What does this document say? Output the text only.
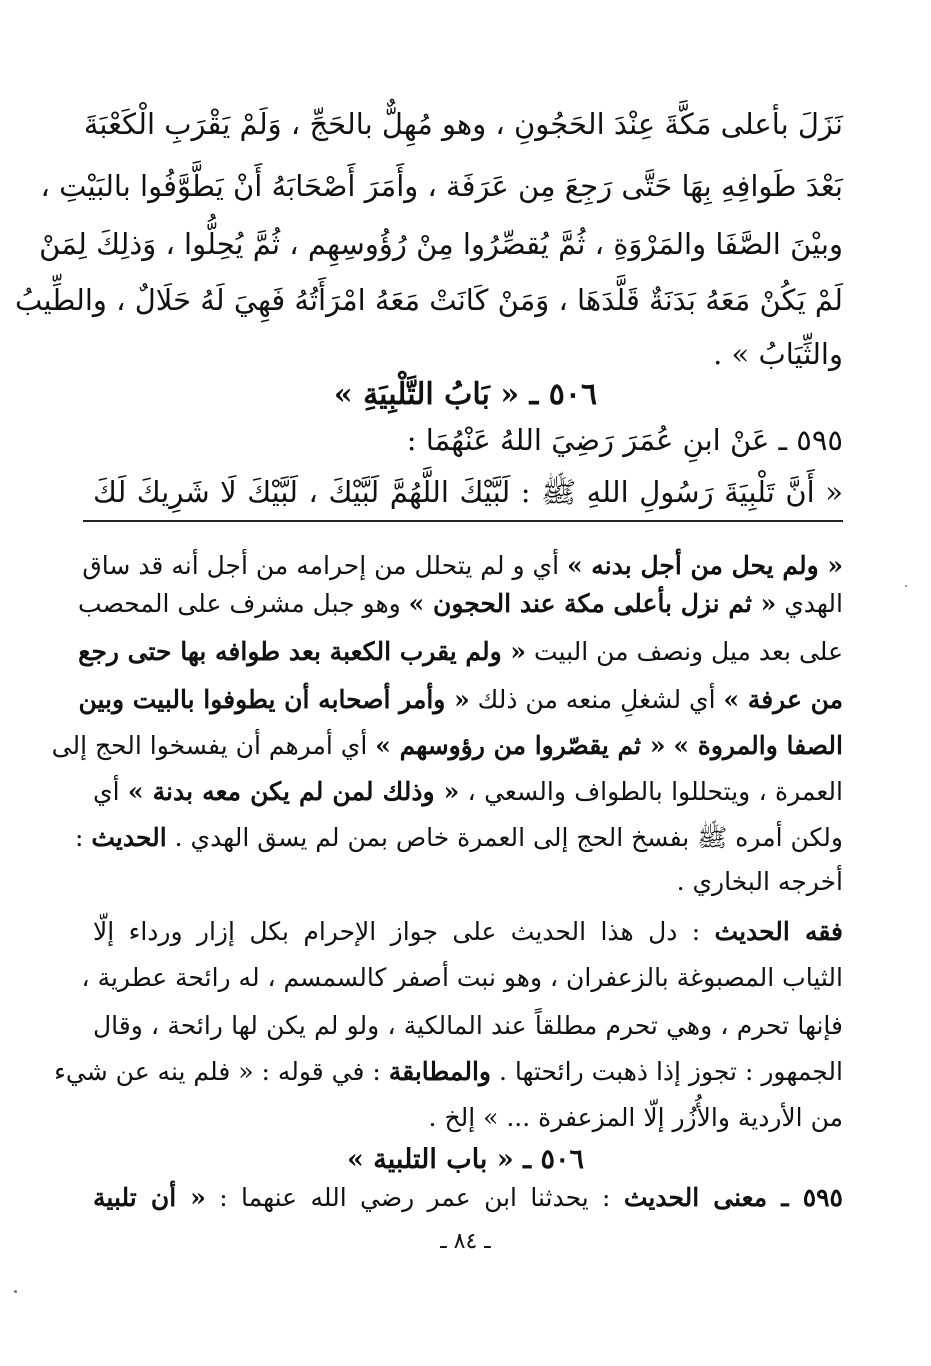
نَزَلَ بأعلى مَكَّةَ عِنْدَ الحَجُونِ ، وهو مُهِلٌّ بالحَجِّ ، وَلَمْ يَقْرَبِ الْكَعْبَةَ
بَعْدَ طَوافِهِ بِهَا حَتَّى رَجِعَ مِن عَرَفَة ، وأَمَرَ أَصْحَابَهُ أَنْ يَطَّوَّفُوا بالبَيْتِ ،
وبيْنَ الصَّفَا والمَرْوَةِ ، ثُمَّ يُقصِّرُوا مِنْ رُؤُوسِهِم ، ثُمَّ يُحِلُّوا ، وَذلِكَ لِمَنْ
لَمْ يَكُنْ مَعَهُ بَدَنَةٌ قَلَّدَهَا ، وَمَنْ كَانَتْ مَعَهُ امْرَأَتُهُ فَهِيَ لَهُ حَلَالٌ ، والطِّيبُ
والثِّيَابُ » .
٥٠٦ ـ « بَابُ التَّلْبِيَةِ »
٥٩٥ ـ عَنْ ابنِ عُمَرَ رَضِيَ اللهُ عَنْهُمَا :
« أَنَّ تَلْبِيَةَ رَسُولِ اللهِ ﷺ : لَبَّيْكَ اللَّهُمَّ لَبَّيْكَ ، لَبَّيْكَ لَا شَرِيكَ لَكَ
« ولم يحل من أجل بدنه » أي و لم يتحلل من إحرامه من أجل أنه قد ساق
الهدي « ثم نزل بأعلى مكة عند الحجون » وهو جبل مشرف على المحصب
على بعد ميل ونصف من البيت « ولم يقرب الكعبة بعد طوافه بها حتى رجع
من عرفة » أي لشغلِ منعه من ذلك « وأمر أصحابه أن يطوفوا بالبيت وبين
الصفا والمروة » « ثم يقصّروا من رؤوسهم » أي أمرهم أن يفسخوا الحج إلى
العمرة ، ويتحللوا بالطواف والسعي ، « وذلك لمن لم يكن معه بدنة » أي
ولكن أمره ﷺ بفسخ الحج إلى العمرة خاص بمن لم يسق الهدي . الحديث :
أخرجه البخاري .
فقه الحديث : دل هذا الحديث على جواز الإحرام بكل إزار ورداء إلّا
الثياب المصبوغة بالزعفران ، وهو نبت أصفر كالسمسم ، له رائحة عطرية ،
فإنها تحرم ، وهي تحرم مطلقاً عند المالكية ، ولو لم يكن لها رائحة ، وقال
الجمهور : تجوز إذا ذهبت رائحتها . والمطابقة : في قوله : « فلم ينه عن شيء
من الأردية والأُزُر إلّا المزعفرة ... » إلخ .
٥٠٦ ـ « باب التلبية »
٥٩٥ ـ معنى الحديث : يحدثنا ابن عمر رضي الله عنهما : « أن تلبية
ـ ٨٤ ـ
